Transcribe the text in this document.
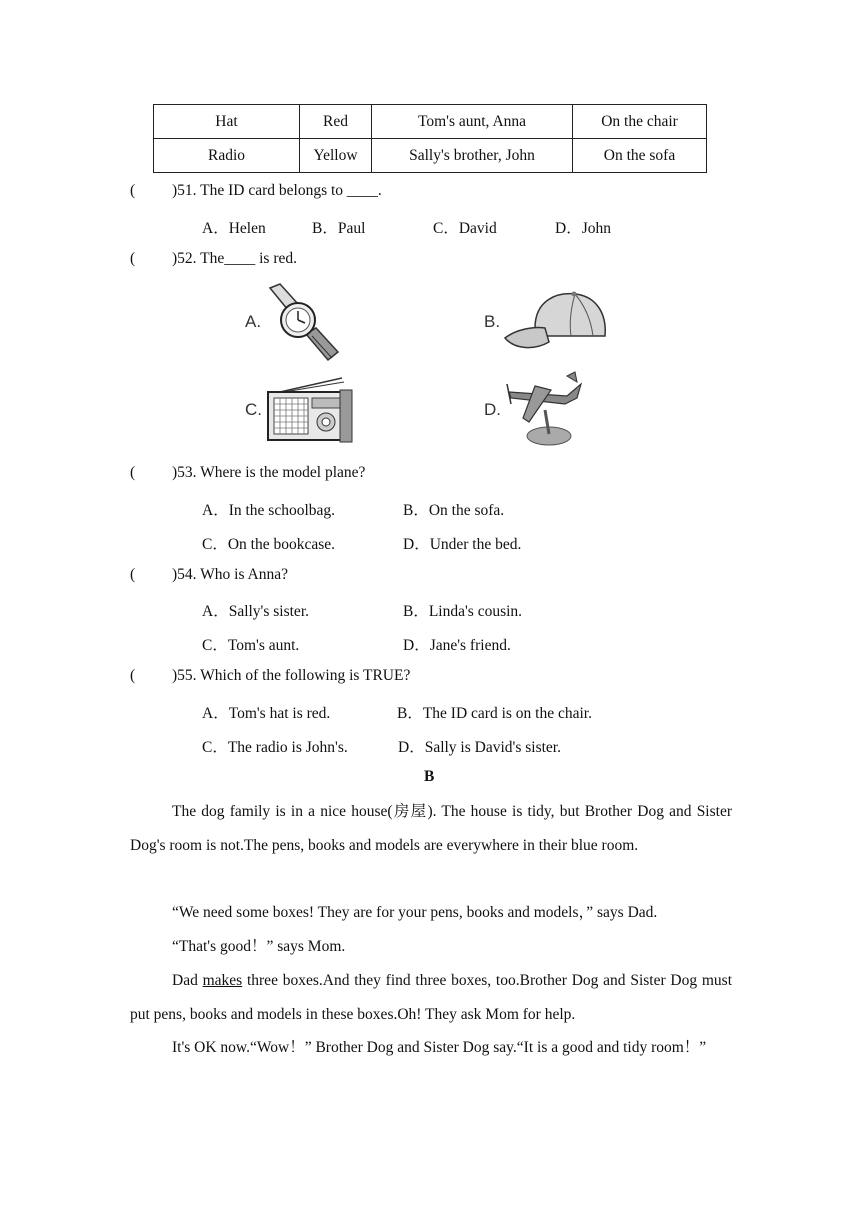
Hat	Red	Tom's aunt, Anna	On the chair
Radio	Yellow	Sally's brother, John	On the sofa
( )51. The ID card belongs to ____.
A．Helen	B．Paul	C．David	D．John
( )52. The____ is red.
A.	B.
C.	D.
( )53. Where is the model plane?
A．In the schoolbag.	B．On the sofa.
C．On the bookcase.	D．Under the bed.
( )54. Who is Anna?
A．Sally's sister.	B．Linda's cousin.
C．Tom's aunt.	D．Jane's friend.
( )55. Which of the following is TRUE?
A．Tom's hat is red.	B．The ID card is on the chair.
C．The radio is John's.	D．Sally is David's sister.
B
The dog family is in a nice house(房屋). The house is tidy, but Brother Dog and Sister Dog's room is not.The pens, books and models are everywhere in their blue room.
“We need some boxes! They are for your pens, books and models，” says Dad.
“That's good！” says Mom.
Dad makes three boxes.And they find three boxes, too.Brother Dog and Sister Dog must put pens, books and models in these boxes.Oh! They ask Mom for help.
It's OK now.“Wow！” Brother Dog and Sister Dog say.“It is a good and tidy room！”
